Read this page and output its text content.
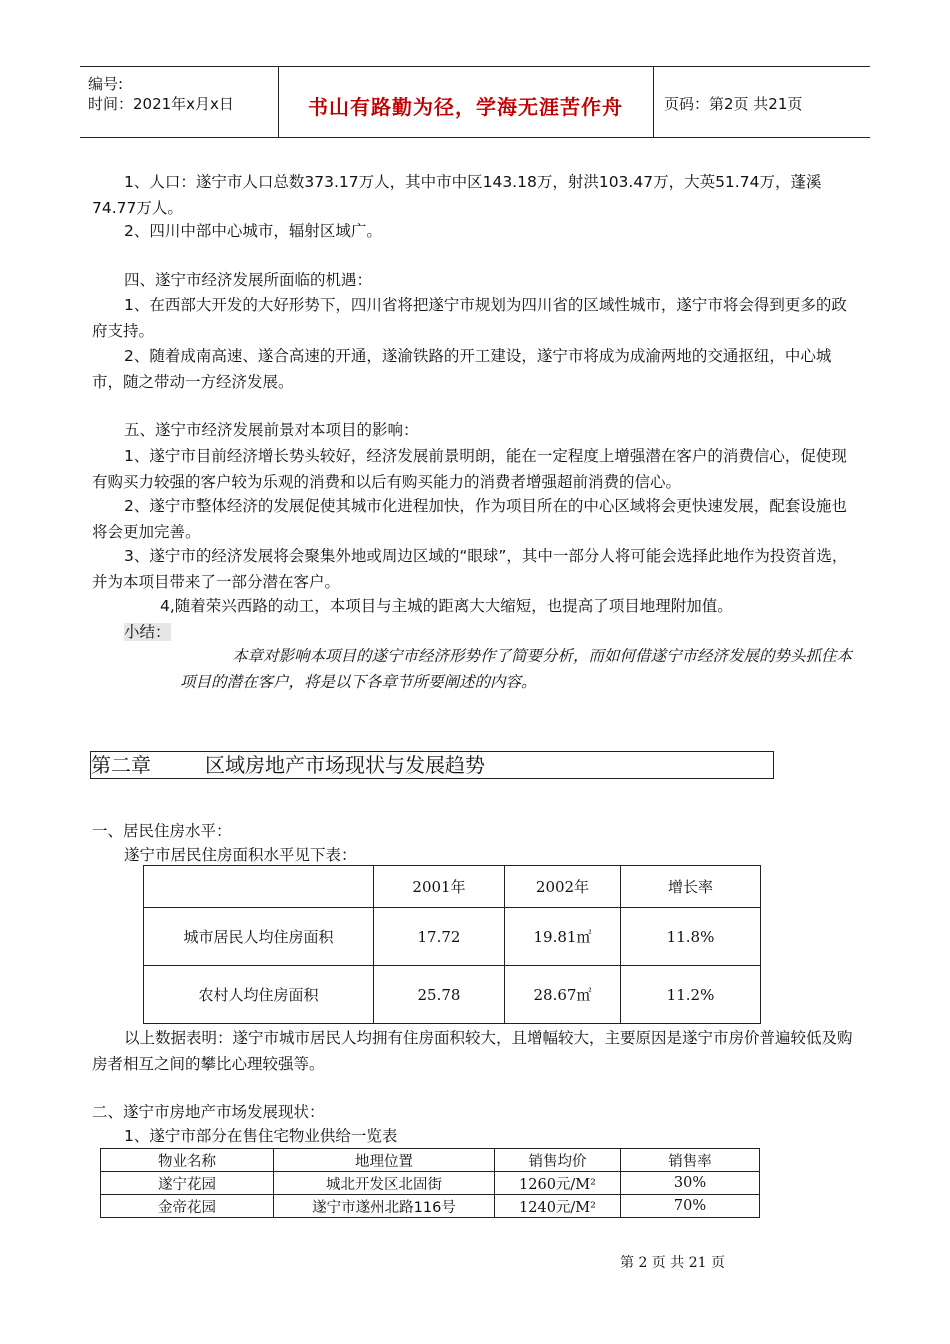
编号:
时间：2021年x月x日	书山有路勤为径，学海无涯苦作舟	页码：第2页 共21页
1、人口：遂宁市人口总数373.17万人，其中市中区143.18万，射洪103.47万，大英51.74万，蓬溪74.77万人。
2、四川中部中心城市，辐射区域广。
四、遂宁市经济发展所面临的机遇：
1、在西部大开发的大好形势下，四川省将把遂宁市规划为四川省的区域性城市，遂宁市将会得到更多的政府支持。
2、随着成南高速、遂合高速的开通，遂渝铁路的开工建设，遂宁市将成为成渝两地的交通抠纽，中心城市，随之带动一方经济发展。
五、遂宁市经济发展前景对本项目的影响：
1、遂宁市目前经济增长势头较好，经济发展前景明朗，能在一定程度上增强潜在客户的消费信心，促使现有购买力较强的客户较为乐观的消费和以后有购买能力的消费者增强超前消费的信心。
2、遂宁市整体经济的发展促使其城市化进程加快，作为项目所在的中心区域将会更快速发展，配套设施也将会更加完善。
3、遂宁市的经济发展将会聚集外地或周边区域的“眼球”，其中一部分人将可能会选择此地作为投资首选，并为本项目带来了一部分潜在客户。
4,随着荣兴西路的动工，本项目与主城的距离大大缩短，也提高了项目地理附加值。
小结：
本章对影响本项目的遂宁市经济形势作了简要分析，而如何借遂宁市经济发展的势头抓住本项目的潜在客户，将是以下各章节所要阐述的内容。
第二章	区域房地产市场现状与发展趋势
一、居民住房水平：
遂宁市居民住房面积水平见下表：
	2001年	2002年	增长率
城市居民人均住房面积	17.72	19.81㎡	11.8%
农村人均住房面积	25.78	28.67㎡	11.2%
以上数据表明：遂宁市城市居民人均拥有住房面积较大，且增幅较大，主要原因是遂宁市房价普遍较低及购房者相互之间的攀比心理较强等。
二、遂宁市房地产市场发展现状：
1、遂宁市部分在售住宅物业供给一览表
物业名称	地理位置	销售均价	销售率
遂宁花园	城北开发区北固街	1260元/M²	30%
金帝花园	遂宁市遂州北路116号	1240元/M²	70%
第 2 页 共 21 页
